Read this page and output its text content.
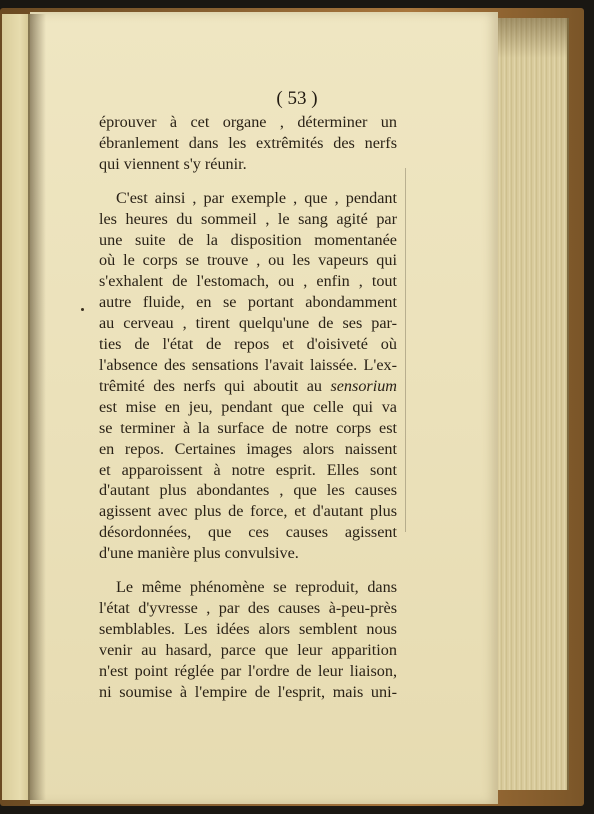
( 53 )
éprouver à cet organe , déterminer un
ébranlement dans les extrêmités des nerfs
qui viennent s'y réunir.
C'est ainsi , par exemple , que , pendant
les heures du sommeil , le sang agité par
une suite de la disposition momentanée
où le corps se trouve , ou les vapeurs qui
s'exhalent de l'estomach, ou , enfin , tout
autre fluide, en se portant abondamment
au cerveau , tirent quelqu'une de ses par-
ties de l'état de repos et d'oisiveté où
l'absence des sensations l'avait laissée. L'ex-
trêmité des nerfs qui aboutit au sensorium
est mise en jeu, pendant que celle qui va
se terminer à la surface de notre corps est
en repos. Certaines images alors naissent
et apparoissent à notre esprit. Elles sont
d'autant plus abondantes , que les causes
agissent avec plus de force, et d'autant plus
désordonnées, que ces causes agissent
d'une manière plus convulsive.
Le même phénomène se reproduit, dans
l'état d'yvresse , par des causes à-peu-près
semblables. Les idées alors semblent nous
venir au hasard, parce que leur apparition
n'est point réglée par l'ordre de leur liaison,
ni soumise à l'empire de l'esprit, mais uni-
